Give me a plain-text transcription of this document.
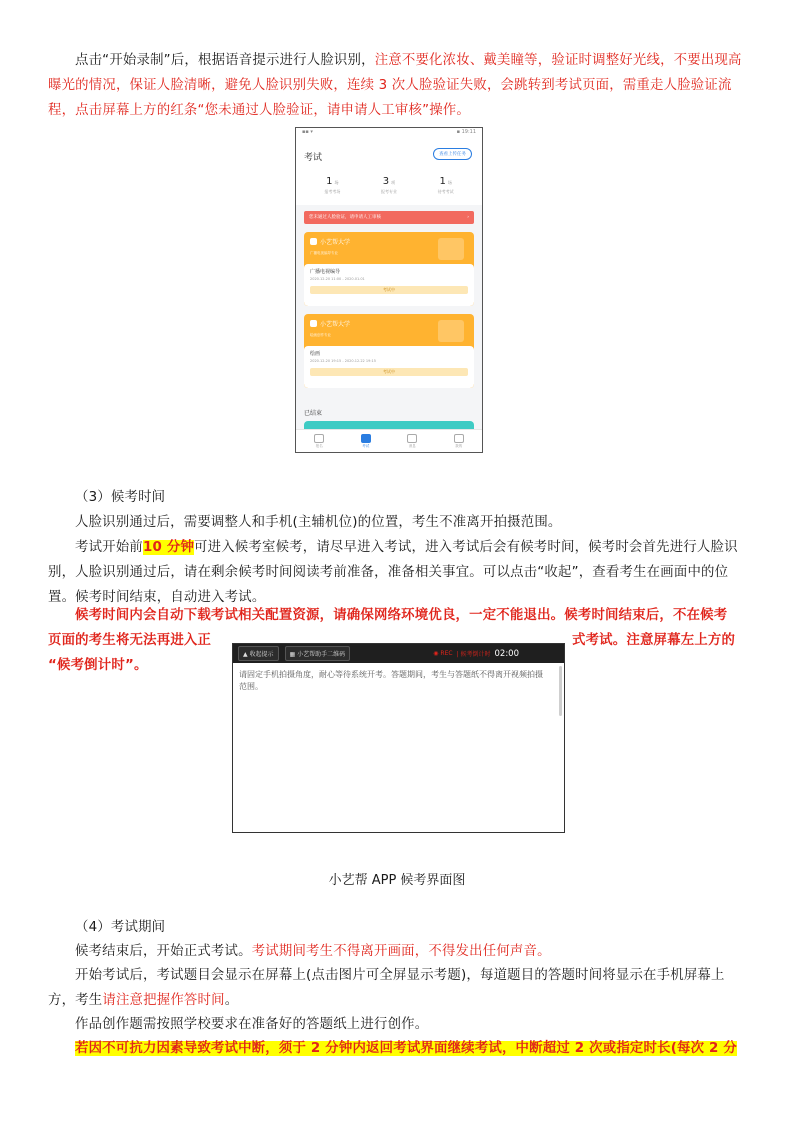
点击“开始录制”后，根据语音提示进行人脸识别，注意不要化浓妆、戴美瞳等，验证时调整好光线，不要出现高曝光的情况，保证人脸清晰，避免人脸识别失败，连续 3 次人脸验证失败，会跳转到考试页面，需重走人脸验证流程，点击屏幕上方的红条“您未通过人脸验证，请申请人工审核”操作。
▪▪ ▾	▪ 19:11
考试	查看上传任务
1 场
报考考场
3 项
报考专业
1 场
待考考试
您未通过人脸验证，请申请人工审核	›
小艺帮大学
广播电视编导专业
广播电视编导
2020.12.20 11:00 - 2020.01.01
考试中
小艺帮大学
绘画创作专业
绘画
2020.12.20 19:15 - 2020.12.22 19:15
考试中
已结束
报名	考试	消息	我的
（3）候考时间
人脸识别通过后，需要调整人和手机(主辅机位)的位置，考生不准离开拍摄范围。
考试开始前10 分钟可进入候考室候考，请尽早进入考试，进入考试后会有候考时间，候考时会首先进行人脸识别，人脸识别通过后，请在剩余候考时间阅读考前准备，准备相关事宜。可以点击“收起”，查看考生在画面中的位置。候考时间结束，自动进入考试。
候考时间内会自动下载考试相关配置资源，请确保网络环境优良，一定不能退出。候考时间结束后，不在候考
页面的考生将无法再进入正	式考试。注意屏幕左上方的
“候考倒计时”。
▲ 收起提示	▦ 小艺帮助手二维码	◉ REC | 候考倒计时 02:00
请固定手机拍摄角度，耐心等待系统开考。答题期间，考生与答题纸不得离开视频拍摄范围。
小艺帮 APP 候考界面图
（4）考试期间
候考结束后，开始正式考试。考试期间考生不得离开画面，不得发出任何声音。
开始考试后，考试题目会显示在屏幕上(点击图片可全屏显示考题)，每道题目的答题时间将显示在手机屏幕上方，考生请注意把握作答时间。
作品创作题需按照学校要求在准备好的答题纸上进行创作。
若因不可抗力因素导致考试中断，须于 2 分钟内返回考试界面继续考试，中断超过 2 次或指定时长(每次 2 分
